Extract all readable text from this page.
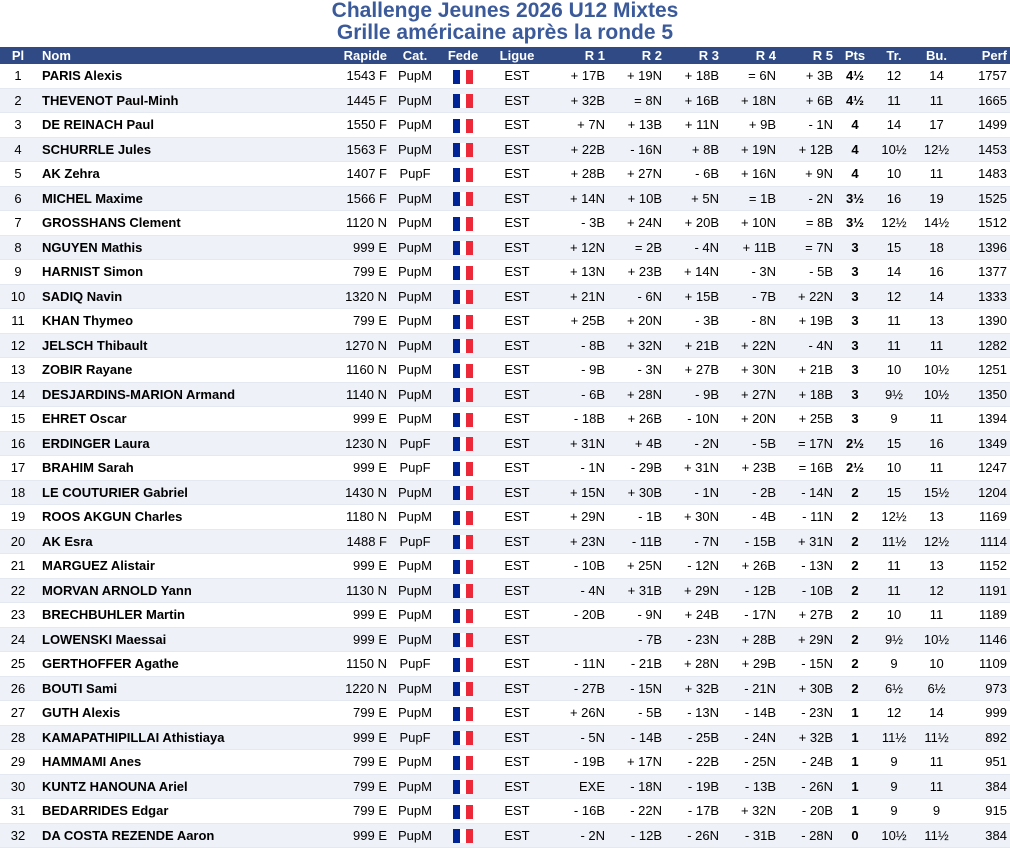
Challenge Jeunes 2026 U12 Mixtes
Grille américaine après la ronde 5
Pl	Nom	Rapide	Cat.	Fede	Ligue	R 1	R 2	R 3	R 4	R 5	Pts	Tr.	Bu.	Perf
1	PARIS Alexis	1543 F	PupM		EST	+ 17B	+ 19N	+ 18B	= 6N	+ 3B	4½	12	14	1757
2	THEVENOT Paul-Minh	1445 F	PupM		EST	+ 32B	= 8N	+ 16B	+ 18N	+ 6B	4½	11	11	1665
3	DE REINACH Paul	1550 F	PupM		EST	+ 7N	+ 13B	+ 11N	+ 9B	- 1N	4	14	17	1499
4	SCHURRLE Jules	1563 F	PupM		EST	+ 22B	- 16N	+ 8B	+ 19N	+ 12B	4	10½	12½	1453
5	AK Zehra	1407 F	PupF		EST	+ 28B	+ 27N	- 6B	+ 16N	+ 9N	4	10	11	1483
6	MICHEL Maxime	1566 F	PupM		EST	+ 14N	+ 10B	+ 5N	= 1B	- 2N	3½	16	19	1525
7	GROSSHANS Clement	1120 N	PupM		EST	- 3B	+ 24N	+ 20B	+ 10N	= 8B	3½	12½	14½	1512
8	NGUYEN Mathis	999 E	PupM		EST	+ 12N	= 2B	- 4N	+ 11B	= 7N	3	15	18	1396
9	HARNIST Simon	799 E	PupM		EST	+ 13N	+ 23B	+ 14N	- 3N	- 5B	3	14	16	1377
10	SADIQ Navin	1320 N	PupM		EST	+ 21N	- 6N	+ 15B	- 7B	+ 22N	3	12	14	1333
11	KHAN Thymeo	799 E	PupM		EST	+ 25B	+ 20N	- 3B	- 8N	+ 19B	3	11	13	1390
12	JELSCH Thibault	1270 N	PupM		EST	- 8B	+ 32N	+ 21B	+ 22N	- 4N	3	11	11	1282
13	ZOBIR Rayane	1160 N	PupM		EST	- 9B	- 3N	+ 27B	+ 30N	+ 21B	3	10	10½	1251
14	DESJARDINS-MARION Armand	1140 N	PupM		EST	- 6B	+ 28N	- 9B	+ 27N	+ 18B	3	9½	10½	1350
15	EHRET Oscar	999 E	PupM		EST	- 18B	+ 26B	- 10N	+ 20N	+ 25B	3	9	11	1394
16	ERDINGER Laura	1230 N	PupF		EST	+ 31N	+ 4B	- 2N	- 5B	= 17N	2½	15	16	1349
17	BRAHIM Sarah	999 E	PupF		EST	- 1N	- 29B	+ 31N	+ 23B	= 16B	2½	10	11	1247
18	LE COUTURIER Gabriel	1430 N	PupM		EST	+ 15N	+ 30B	- 1N	- 2B	- 14N	2	15	15½	1204
19	ROOS AKGUN Charles	1180 N	PupM		EST	+ 29N	- 1B	+ 30N	- 4B	- 11N	2	12½	13	1169
20	AK Esra	1488 F	PupF		EST	+ 23N	- 11B	- 7N	- 15B	+ 31N	2	11½	12½	1114
21	MARGUEZ Alistair	999 E	PupM		EST	- 10B	+ 25N	- 12N	+ 26B	- 13N	2	11	13	1152
22	MORVAN ARNOLD Yann	1130 N	PupM		EST	- 4N	+ 31B	+ 29N	- 12B	- 10B	2	11	12	1191
23	BRECHBUHLER Martin	999 E	PupM		EST	- 20B	- 9N	+ 24B	- 17N	+ 27B	2	10	11	1189
24	LOWENSKI Maessai	999 E	PupM		EST		- 7B	- 23N	+ 28B	+ 29N	2	9½	10½	1146
25	GERTHOFFER Agathe	1150 N	PupF		EST	- 11N	- 21B	+ 28N	+ 29B	- 15N	2	9	10	1109
26	BOUTI Sami	1220 N	PupM		EST	- 27B	- 15N	+ 32B	- 21N	+ 30B	2	6½	6½	973
27	GUTH Alexis	799 E	PupM		EST	+ 26N	- 5B	- 13N	- 14B	- 23N	1	12	14	999
28	KAMAPATHIPILLAI Athistiaya	999 E	PupF		EST	- 5N	- 14B	- 25B	- 24N	+ 32B	1	11½	11½	892
29	HAMMAMI Anes	799 E	PupM		EST	- 19B	+ 17N	- 22B	- 25N	- 24B	1	9	11	951
30	KUNTZ HANOUNA Ariel	799 E	PupM		EST	EXE	- 18N	- 19B	- 13B	- 26N	1	9	11	384
31	BEDARRIDES Edgar	799 E	PupM		EST	- 16B	- 22N	- 17B	+ 32N	- 20B	1	9	9	915
32	DA COSTA REZENDE Aaron	999 E	PupM		EST	- 2N	- 12B	- 26N	- 31B	- 28N	0	10½	11½	384
